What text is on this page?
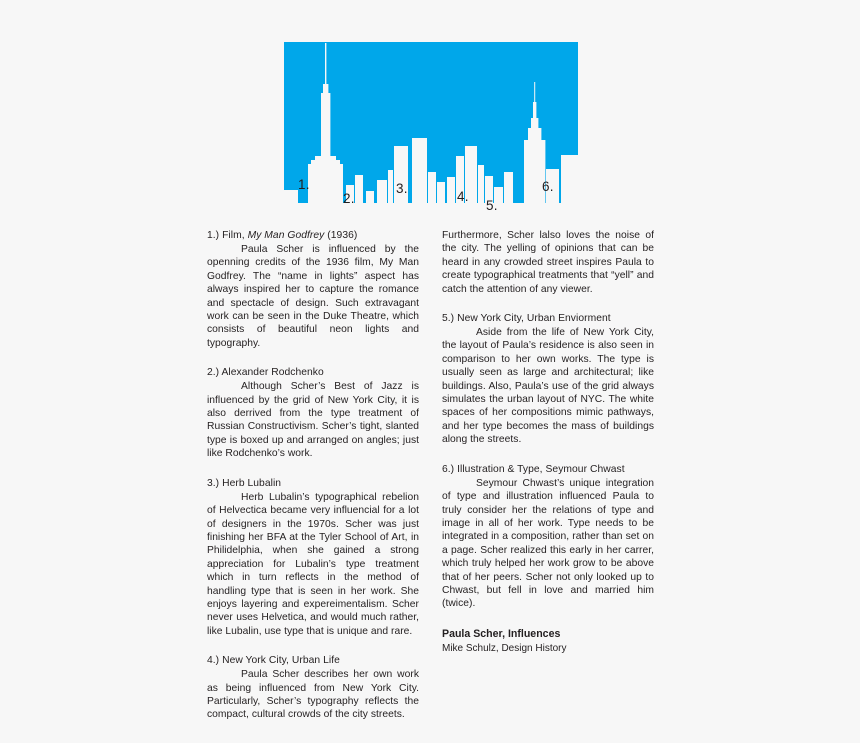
1.
2.
3.
4.
5.
6.

1.) Film, My Man Godfrey (1936)

Paula Scher is influenced by the openning credits of the 1936 film, My Man Godfrey. The “name in lights” aspect has always inspired her to capture the romance and spectacle of design. Such extravagant work can be seen in the Duke Theatre, which consists of beautiful neon lights and typography.

2.) Alexander Rodchenko

Although Scher’s Best of Jazz is influenced by the grid of New York City, it is also derrived from the type treatment of Russian Constructivism. Scher’s tight, slanted type is boxed up and arranged on angles; just like Rodchenko’s work.

3.) Herb Lubalin

Herb Lubalin’s typographical rebelion of Helvectica became very influencial for a lot of designers in the 1970s. Scher was just finishing her BFA at the Tyler School of Art, in Philidelphia, when she gained a strong appreciation for Lubalin’s type treatment which in turn reflects in the method of handling type that is seen in her work. She enjoys layering and expereimentalism. Scher never uses Helvetica, and would much rather, like Lubalin, use type that is unique and rare.

4.) New York City, Urban Life

Paula Scher describes her own work as being influenced from New York City. Particularly, Scher’s typography reflects the compact, cultural crowds of the city streets.

Furthermore, Scher lalso loves the noise of the city. The yelling of opinions that can be heard in any crowded street inspires Paula to create typographical treatments that “yell” and catch the attention of any viewer.

5.) New York City, Urban Enviorment

Aside from the life of New York City, the layout of Paula’s residence is also seen in comparison to her own works. The type is usually seen as large and architectural; like buildings. Also, Paula’s use of the grid always simulates the urban layout of NYC. The white spaces of her compositions mimic pathways, and her type becomes the mass of buildings along the streets.

6.) Illustration & Type, Seymour Chwast

Seymour Chwast’s unique integration of type and illustration influenced Paula to truly consider her the relations of type and image in all of her work. Type needs to be integrated in a composition, rather than set on a page. Scher realized this early in her carrer, which truly helped her work grow to be above that of her peers. Scher not only looked up to Chwast, but fell in love and married him (twice).

Paula Scher, Influences

Mike Schulz, Design History
